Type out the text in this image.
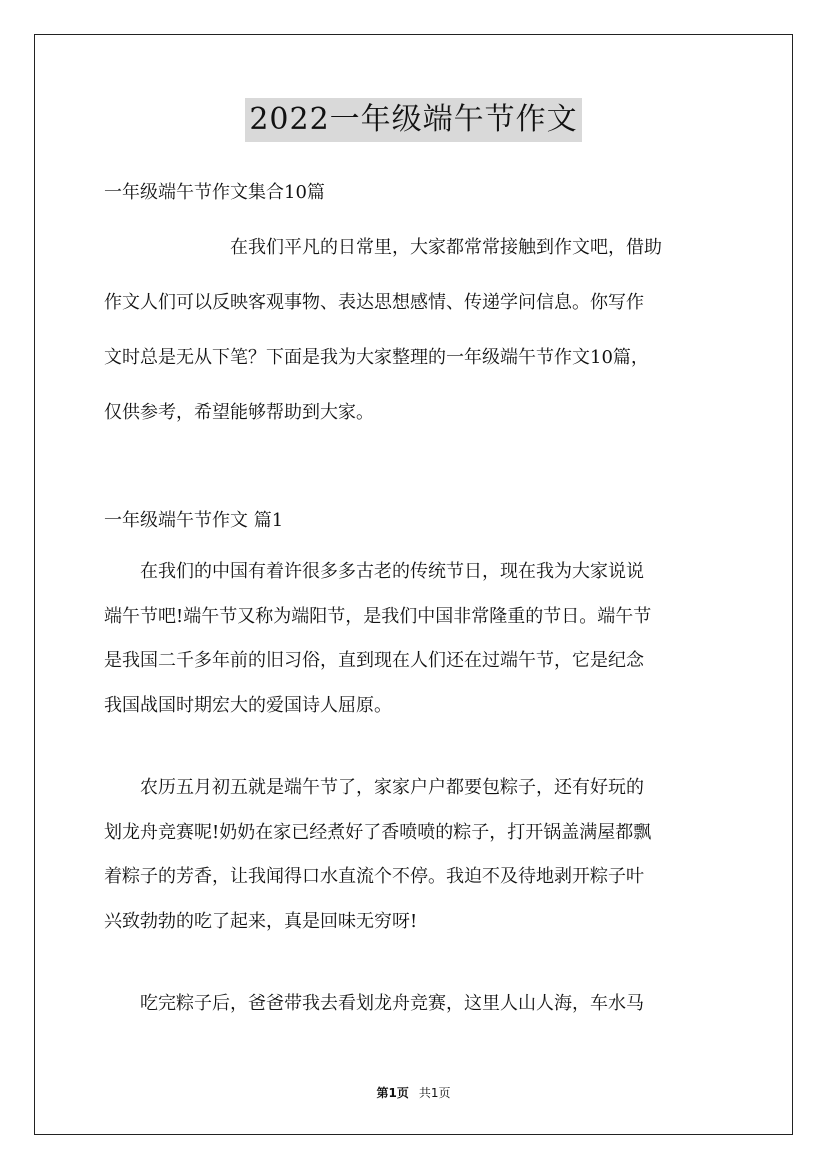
2022一年级端午节作文
一年级端午节作文集合10篇
　　　　　　　在我们平凡的日常里，大家都常常接触到作文吧，借助
作文人们可以反映客观事物、表达思想感情、传递学问信息。你写作
文时总是无从下笔？下面是我为大家整理的一年级端午节作文10篇，
仅供参考，希望能够帮助到大家。
一年级端午节作文 篇1
　　在我们的中国有着许很多多古老的传统节日，现在我为大家说说
端午节吧!端午节又称为端阳节，是我们中国非常隆重的节日。端午节
是我国二千多年前的旧习俗，直到现在人们还在过端午节，它是纪念
我国战国时期宏大的爱国诗人屈原。
　　农历五月初五就是端午节了，家家户户都要包粽子，还有好玩的
划龙舟竞赛呢!奶奶在家已经煮好了香喷喷的粽子，打开锅盖满屋都飘
着粽子的芳香，让我闻得口水直流个不停。我迫不及待地剥开粽子叶
兴致勃勃的吃了起来，真是回味无穷呀!
　　吃完粽子后，爸爸带我去看划龙舟竞赛，这里人山人海，车水马
第1页 共1页
